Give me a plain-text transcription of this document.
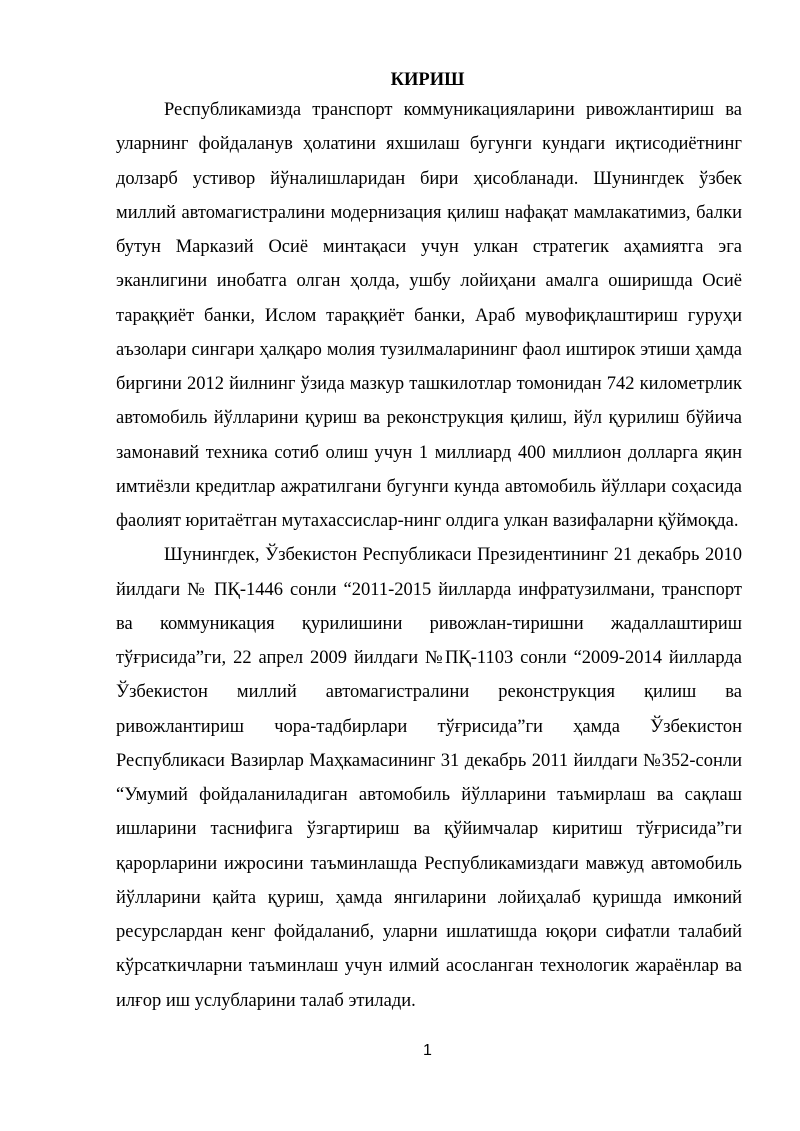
КИРИШ

Республикамизда транспорт коммуникацияларини ривожлантириш ва уларнинг фойдаланув ҳолатини яхшилаш бугунги кундаги иқтисодиётнинг долзарб устивор йўналишларидан бири ҳисобланади. Шунингдек ўзбек миллий автомагистралини модернизация қилиш нафақат мамлакатимиз, балки бутун Марказий Осиё минтақаси учун улкан стратегик аҳамиятга эга эканлигини инобатга олган ҳолда, ушбу лойиҳани амалга оширишда Осиё тараққиёт банки, Ислом тараққиёт банки, Араб мувофиқлаштириш гуруҳи аъзолари сингари ҳалқаро молия тузилмаларининг фаол иштирок этиши ҳамда биргини 2012 йилнинг ўзида мазкур ташкилотлар томонидан 742 километрлик автомобиль йўлларини қуриш ва реконструкция қилиш, йўл қурилиш бўйича замонавий техника сотиб олиш учун 1 миллиард 400 миллион долларга яқин имтиёзли кредитлар ажратилгани бугунги кунда автомобиль йўллари соҳасида фаолият юритаётган мутахассислар-нинг олдига улкан вазифаларни қўймоқда.

Шунингдек, Ўзбекистон Республикаси Президентининг 21 декабрь 2010 йилдаги № ПҚ-1446 сонли “2011-2015 йилларда инфратузилмани, транспорт ва коммуникация қурилишини ривожлан-тиришни жадаллаштириш тўғрисида”ги, 22 апрел 2009 йилдаги №ПҚ-1103 сонли “2009-2014 йилларда Ўзбекистон миллий автомагистралини реконструкция қилиш ва ривожлантириш чора-тадбирлари тўғрисида”ги ҳамда Ўзбекистон Республикаси Вазирлар Маҳкамасининг 31 декабрь 2011 йилдаги №352-сонли “Умумий фойдаланиладиган автомобиль йўлларини таъмирлаш ва сақлаш ишларини таснифига ўзгартириш ва қўйимчалар киритиш тўғрисида”ги қарорларини ижросини таъминлашда Республикамиздаги мавжуд автомобиль йўлларини қайта қуриш, ҳамда янгиларини лойиҳалаб қуришда имконий ресурслардан кенг фойдаланиб, уларни ишлатишда юқори сифатли талабий кўрсаткичларни таъминлаш учун илмий асосланган технологик жараёнлар ва илғор иш услубларини талаб этилади.

1
